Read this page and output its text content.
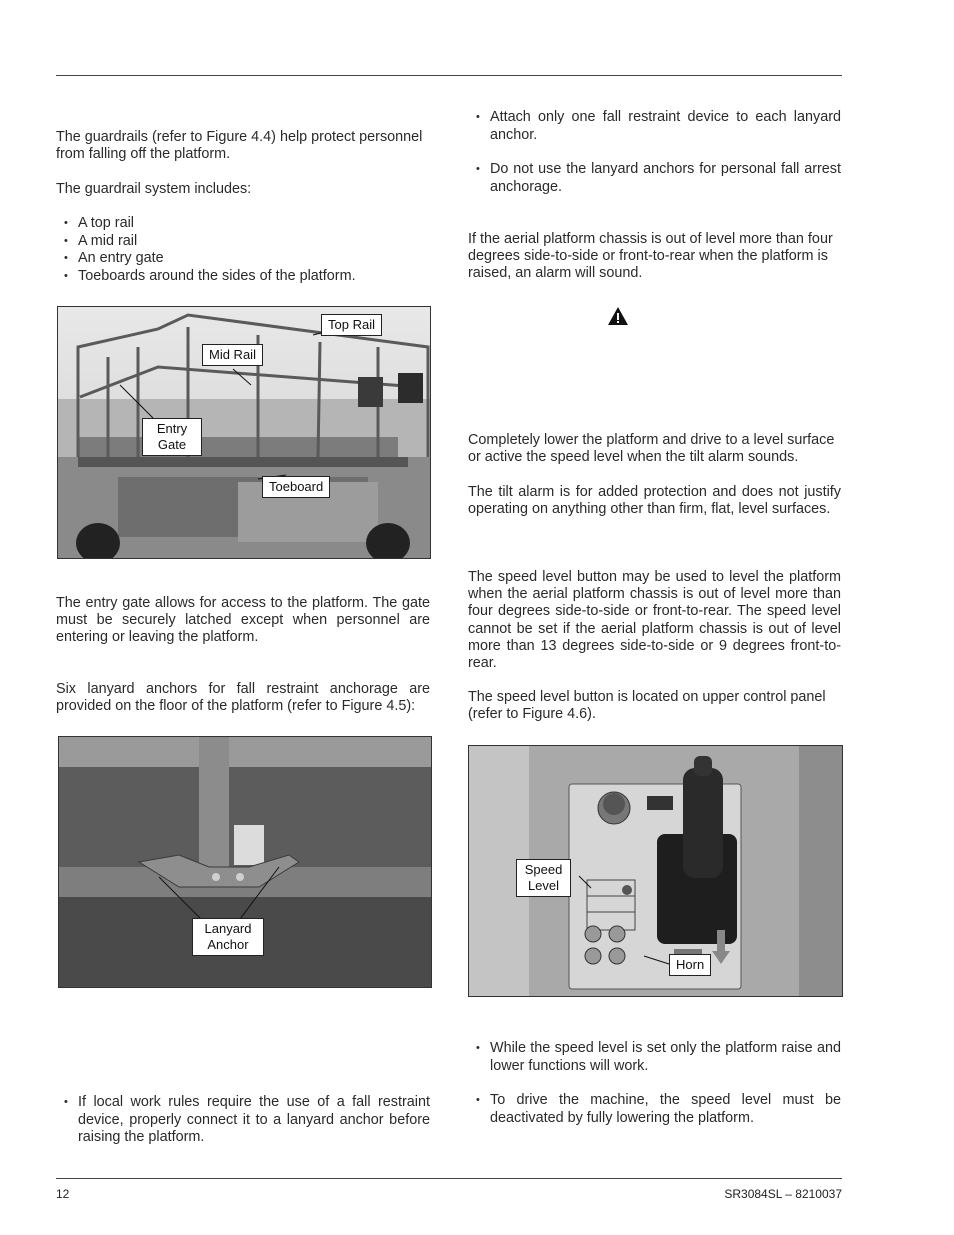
The guardrails (refer to Figure 4.4) help protect personnel from falling off the platform.

The guardrail system includes:

• A top rail
• A mid rail
• An entry gate
• Toeboards around the sides of the platform.
Top Rail
Mid Rail
Entry Gate
Toeboard

The entry gate allows for access to the platform. The gate must be securely latched except when personnel are entering or leaving the platform.

Six lanyard anchors for fall restraint anchorage are provided on the floor of the platform (refer to Figure 4.5):

Lanyard Anchor
• If local work rules require the use of a fall restraint device, properly connect it to a lanyard anchor before raising the platform.
• Attach only one fall restraint device to each lanyard anchor.
• Do not use the lanyard anchors for personal fall arrest anchorage.

If the aerial platform chassis is out of level more than four degrees side-to-side or front-to-rear when the platform is raised, an alarm will sound.

Completely lower the platform and drive to a level surface or active the speed level when the tilt alarm sounds.

The tilt alarm is for added protection and does not justify operating on anything other than firm, flat, level surfaces.

The speed level button may be used to level the platform when the aerial platform chassis is out of level more than four degrees side-to-side or front-to-rear. The speed level cannot be set if the aerial platform chassis is out of level more than 13 degrees side-to-side or 9 degrees front-to-rear.

The speed level button is located on upper control panel (refer to Figure 4.6).

Speed Level
Horn
• While the speed level is set only the platform raise and lower functions will work.
• To drive the machine, the speed level must be deactivated by fully lowering the platform.
12	SR3084SL – 8210037
